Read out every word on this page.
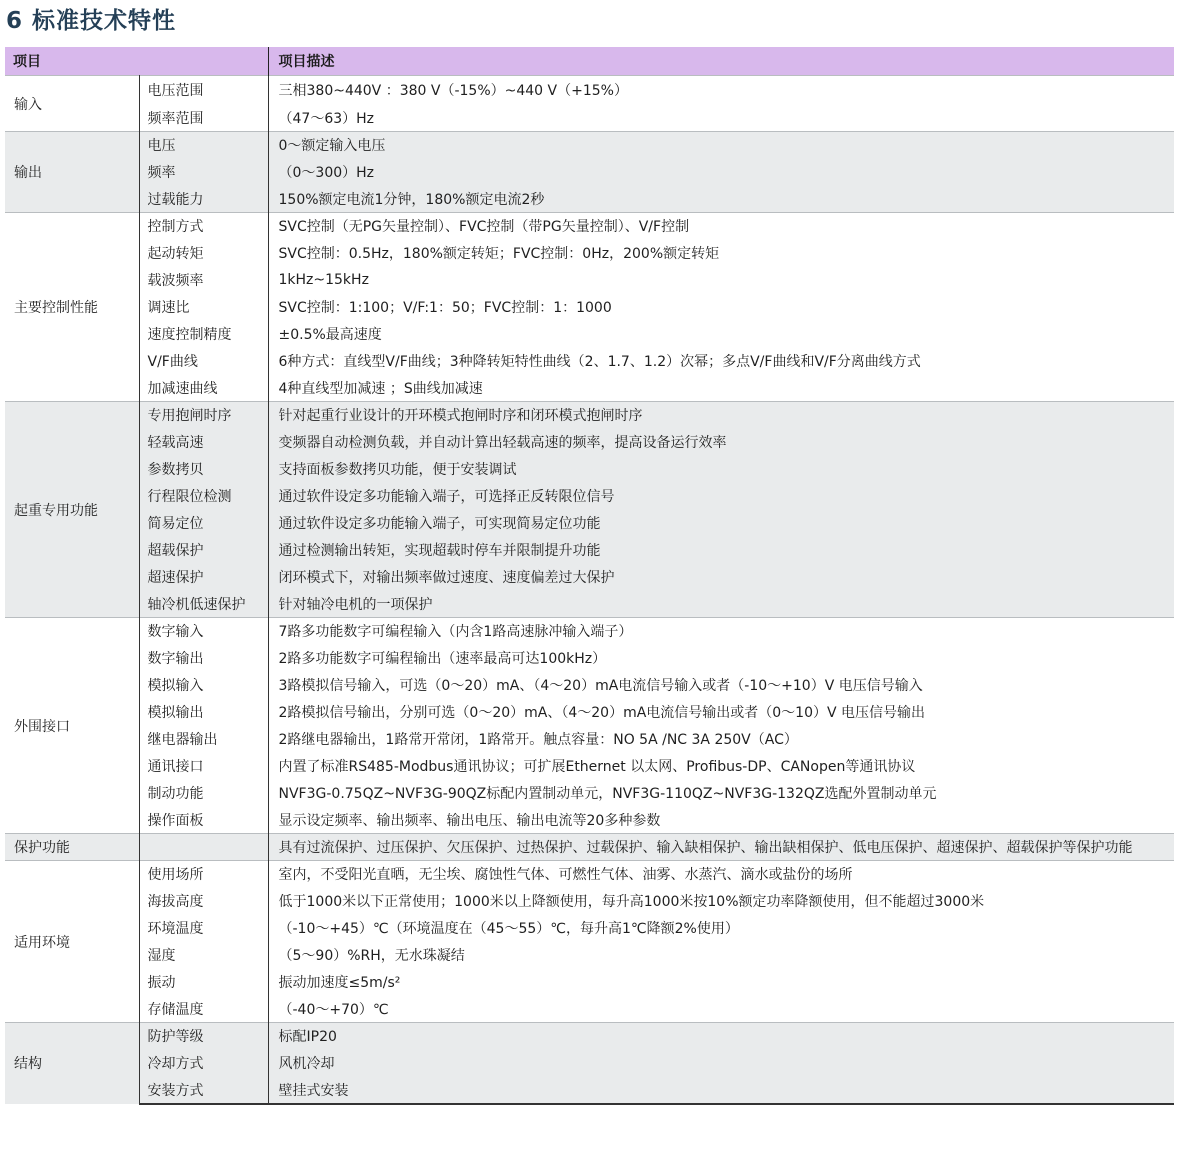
6 标准技术特性
项目		项目描述
输入	电压范围	三相380~440V ：380 V（-15%）~440 V（+15%）
	频率范围	（47～63）Hz
输出	电压	0～额定输入电压
	频率	（0～300）Hz
	过载能力	150%额定电流1分钟，180%额定电流2秒
主要控制性能	控制方式	SVC控制（无PG矢量控制）、FVC控制（带PG矢量控制）、V/F控制
	起动转矩	SVC控制：0.5Hz，180%额定转矩；FVC控制：0Hz，200%额定转矩
	载波频率	1kHz~15kHz
	调速比	SVC控制：1:100；V/F:1：50；FVC控制：1：1000
	速度控制精度	±0.5%最高速度
	V/F曲线	6种方式：直线型V/F曲线；3种降转矩特性曲线（2、1.7、1.2）次幂；多点V/F曲线和V/F分离曲线方式
	加减速曲线	4种直线型加减速 ；S曲线加减速
起重专用功能	专用抱闸时序	针对起重行业设计的开环模式抱闸时序和闭环模式抱闸时序
	轻载高速	变频器自动检测负载，并自动计算出轻载高速的频率，提高设备运行效率
	参数拷贝	支持面板参数拷贝功能，便于安装调试
	行程限位检测	通过软件设定多功能输入端子，可选择正反转限位信号
	简易定位	通过软件设定多功能输入端子，可实现简易定位功能
	超载保护	通过检测输出转矩，实现超载时停车并限制提升功能
	超速保护	闭环模式下，对输出频率做过速度、速度偏差过大保护
	轴冷机低速保护	针对轴冷电机的一项保护
外围接口	数字输入	7路多功能数字可编程输入（内含1路高速脉冲输入端子）
	数字输出	2路多功能数字可编程输出（速率最高可达100kHz）
	模拟输入	3路模拟信号输入，可选（0～20）mA、（4～20）mA电流信号输入或者（-10～+10）V 电压信号输入
	模拟输出	2路模拟信号输出，分别可选（0～20）mA、（4～20）mA电流信号输出或者（0～10）V 电压信号输出
	继电器输出	2路继电器输出，1路常开常闭，1路常开。触点容量：NO 5A /NC 3A 250V（AC）
	通讯接口	内置了标准RS485-Modbus通讯协议；可扩展Ethernet 以太网、Profibus-DP、CANopen等通讯协议
	制动功能	NVF3G-0.75QZ~NVF3G-90QZ标配内置制动单元，NVF3G-110QZ~NVF3G-132QZ选配外置制动单元
	操作面板	显示设定频率、输出频率、输出电压、输出电流等20多种参数
保护功能		具有过流保护、过压保护、欠压保护、过热保护、过载保护、输入缺相保护、输出缺相保护、低电压保护、超速保护、超载保护等保护功能
适用环境	使用场所	室内，不受阳光直晒，无尘埃、腐蚀性气体、可燃性气体、油雾、水蒸汽、滴水或盐份的场所
	海拔高度	低于1000米以下正常使用；1000米以上降额使用，每升高1000米按10%额定功率降额使用，但不能超过3000米
	环境温度	（-10～+45）℃（环境温度在（45～55）℃，每升高1℃降额2%使用）
	湿度	（5～90）%RH，无水珠凝结
	振动	振动加速度≤5m/s²
	存储温度	（-40～+70）℃
结构	防护等级	标配IP20
	冷却方式	风机冷却
	安装方式	壁挂式安装
